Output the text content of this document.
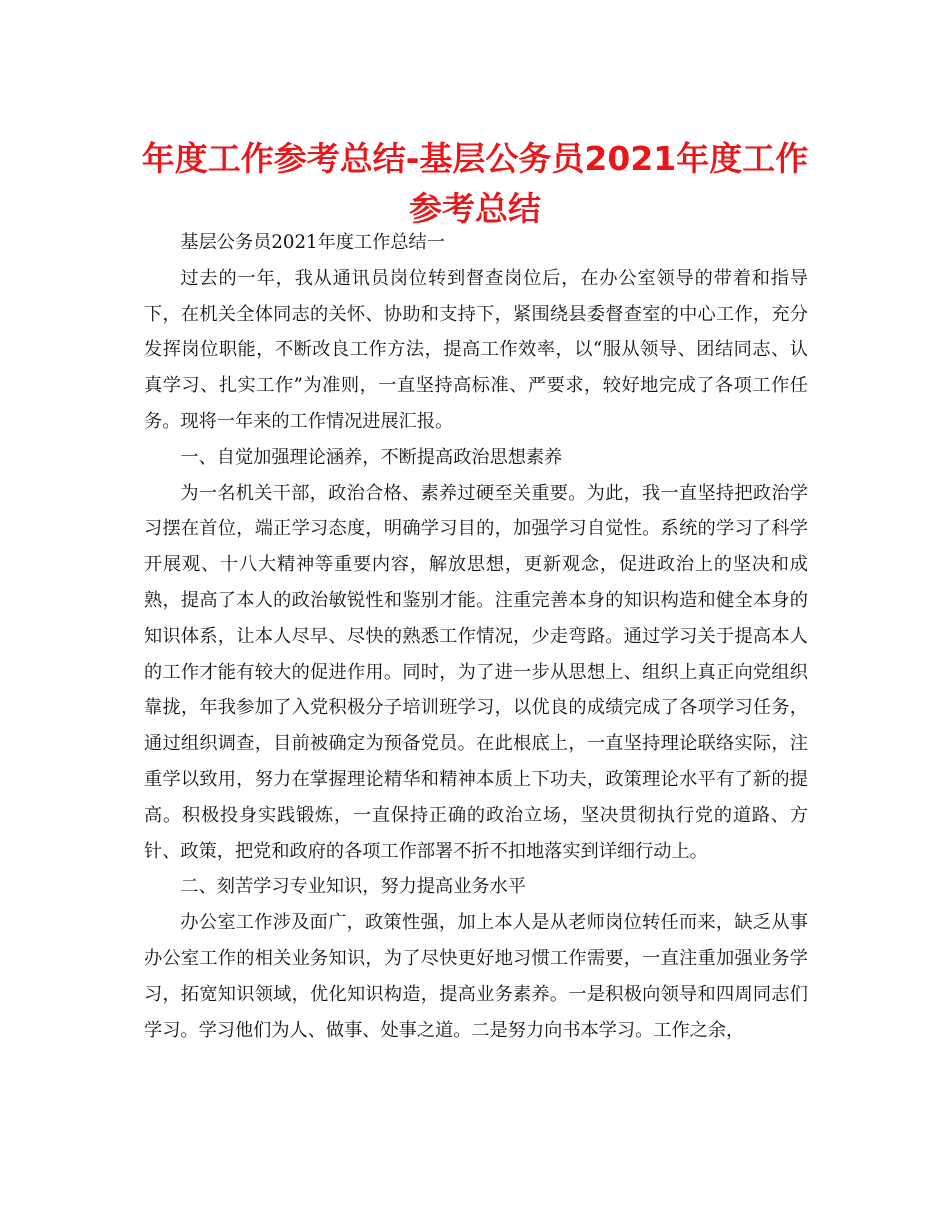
年度工作参考总结-基层公务员2021年度工作参考总结

基层公务员2021年度工作总结一

过去的一年，我从通讯员岗位转到督查岗位后，在办公室领导的带着和指导下，在机关全体同志的关怀、协助和支持下，紧围绕县委督查室的中心工作，充分发挥岗位职能，不断改良工作方法，提高工作效率，以“服从领导、团结同志、认真学习、扎实工作”为准则，一直坚持高标准、严要求，较好地完成了各项工作任务。现将一年来的工作情况进展汇报。

一、自觉加强理论涵养，不断提高政治思想素养

为一名机关干部，政治合格、素养过硬至关重要。为此，我一直坚持把政治学习摆在首位，端正学习态度，明确学习目的，加强学习自觉性。系统的学习了科学开展观、十八大精神等重要内容，解放思想，更新观念，促进政治上的坚决和成熟，提高了本人的政治敏锐性和鉴别才能。注重完善本身的知识构造和健全本身的知识体系，让本人尽早、尽快的熟悉工作情况，少走弯路。通过学习关于提高本人的工作才能有较大的促进作用。同时，为了进一步从思想上、组织上真正向党组织靠拢，年我参加了入党积极分子培训班学习，以优良的成绩完成了各项学习任务，通过组织调查，目前被确定为预备党员。在此根底上，一直坚持理论联络实际，注重学以致用，努力在掌握理论精华和精神本质上下功夫，政策理论水平有了新的提高。积极投身实践锻炼，一直保持正确的政治立场，坚决贯彻执行党的道路、方针、政策，把党和政府的各项工作部署不折不扣地落实到详细行动上。

二、刻苦学习专业知识，努力提高业务水平

办公室工作涉及面广，政策性强，加上本人是从老师岗位转任而来，缺乏从事办公室工作的相关业务知识，为了尽快更好地习惯工作需要，一直注重加强业务学习，拓宽知识领域，优化知识构造，提高业务素养。一是积极向领导和四周同志们学习。学习他们为人、做事、处事之道。二是努力向书本学习。工作之余，
